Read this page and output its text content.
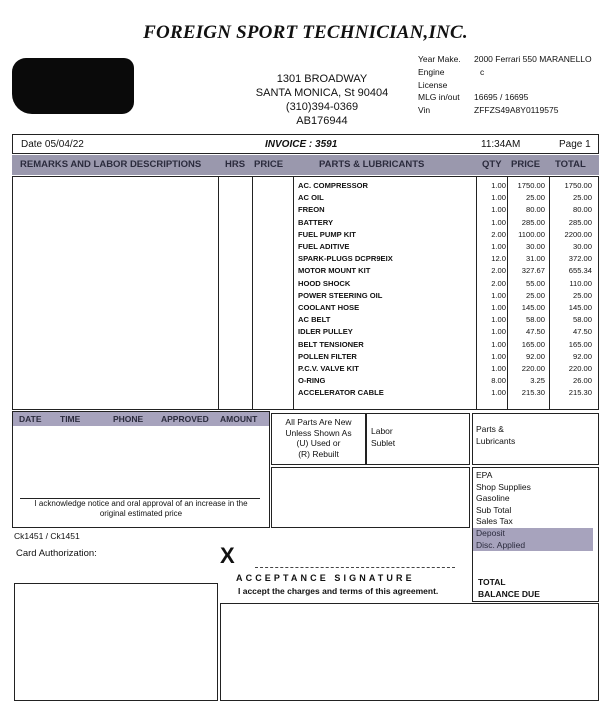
FOREIGN SPORT TECHNICIAN,INC.
1301 BROADWAY
SANTA MONICA, St 90404
(310)394-0369
AB176944
Year Make. 2000 Ferrari 550 MARANELLO
Engine	c
License
MLG in/out 16695 / 16695
Vin	ZFFZS49A8Y0119575
Date 05/04/22	INVOICE : 3591	11:34AM	Page 1
REMARKS AND LABOR DESCRIPTIONS	HRS PRICE	PARTS & LUBRICANTS	QTY PRICE TOTAL
AC. COMPRESSOR	1.00	1750.00	1750.00
AC OIL	1.00	25.00	25.00
FREON	1.00	80.00	80.00
BATTERY	1.00	285.00	285.00
FUEL PUMP KIT	2.00	1100.00	2200.00
FUEL ADITIVE	1.00	30.00	30.00
SPARK-PLUGS DCPR9EIX	12.0	31.00	372.00
MOTOR MOUNT KIT	2.00	327.67	655.34
HOOD SHOCK	2.00	55.00	110.00
POWER STEERING OIL	1.00	25.00	25.00
COOLANT HOSE	1.00	145.00	145.00
AC BELT	1.00	58.00	58.00
IDLER PULLEY	1.00	47.50	47.50
BELT TENSIONER	1.00	165.00	165.00
POLLEN FILTER	1.00	92.00	92.00
P.C.V. VALVE KIT	1.00	220.00	220.00
O-RING	8.00	3.25	26.00
ACCELERATOR CABLE	1.00	215.30	215.30
DATE TIME	PHONE APPROVED AMOUNT
I acknowledge notice and oral approval of an increase in the
original estimated price
All Parts Are New
Unless Shown As
(U) Used or
(R) Rebuilt
Labor
Sublet
Parts &
Lubricants
EPA
Shop Supplies
Gasoline
Sub Total
Sales Tax
Deposit
Disc. Applied
TOTAL
BALANCE DUE
Ck1451 / Ck1451
Card Authorization:	X
ACCEPTANCE SIGNATURE
I accept the charges and terms of this agreement.
